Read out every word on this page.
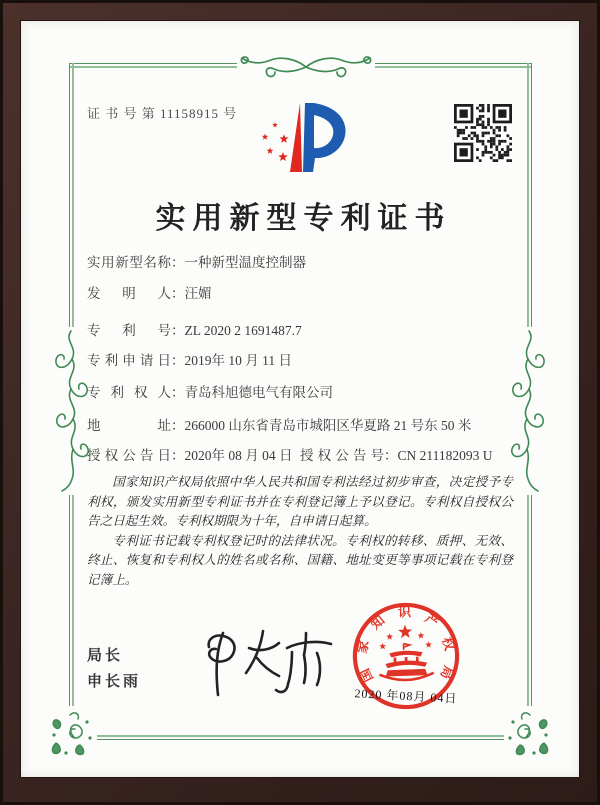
证 书 号 第 11158915 号
实用新型专利证书
实用新型名称：一种新型温度控制器
发明人：汪媚
专利号：ZL 2020 2 1691487.7
专利申请日：2019年 10 月 11 日
专利权人：青岛科旭德电气有限公司
地址：266000 山东省青岛市城阳区华夏路 21 号东 50 米
授权公告日：2020年 08 月 04 日 授权公告号：CN 211182093 U

国家知识产权局依照中华人民共和国专利法经过初步审查，决定授予专利权，颁发实用新型专利证书并在专利登记簿上予以登记。专利权自授权公告之日起生效。专利权期限为十年，自申请日起算。

专利证书记载专利权登记时的法律状况。专利权的转移、质押、无效、终止、恢复和专利权人的姓名或名称、国籍、地址变更等事项记载在专利登记簿上。

局长
申长雨	国
家
知
识 产
权
局
2020 年08月 04日
